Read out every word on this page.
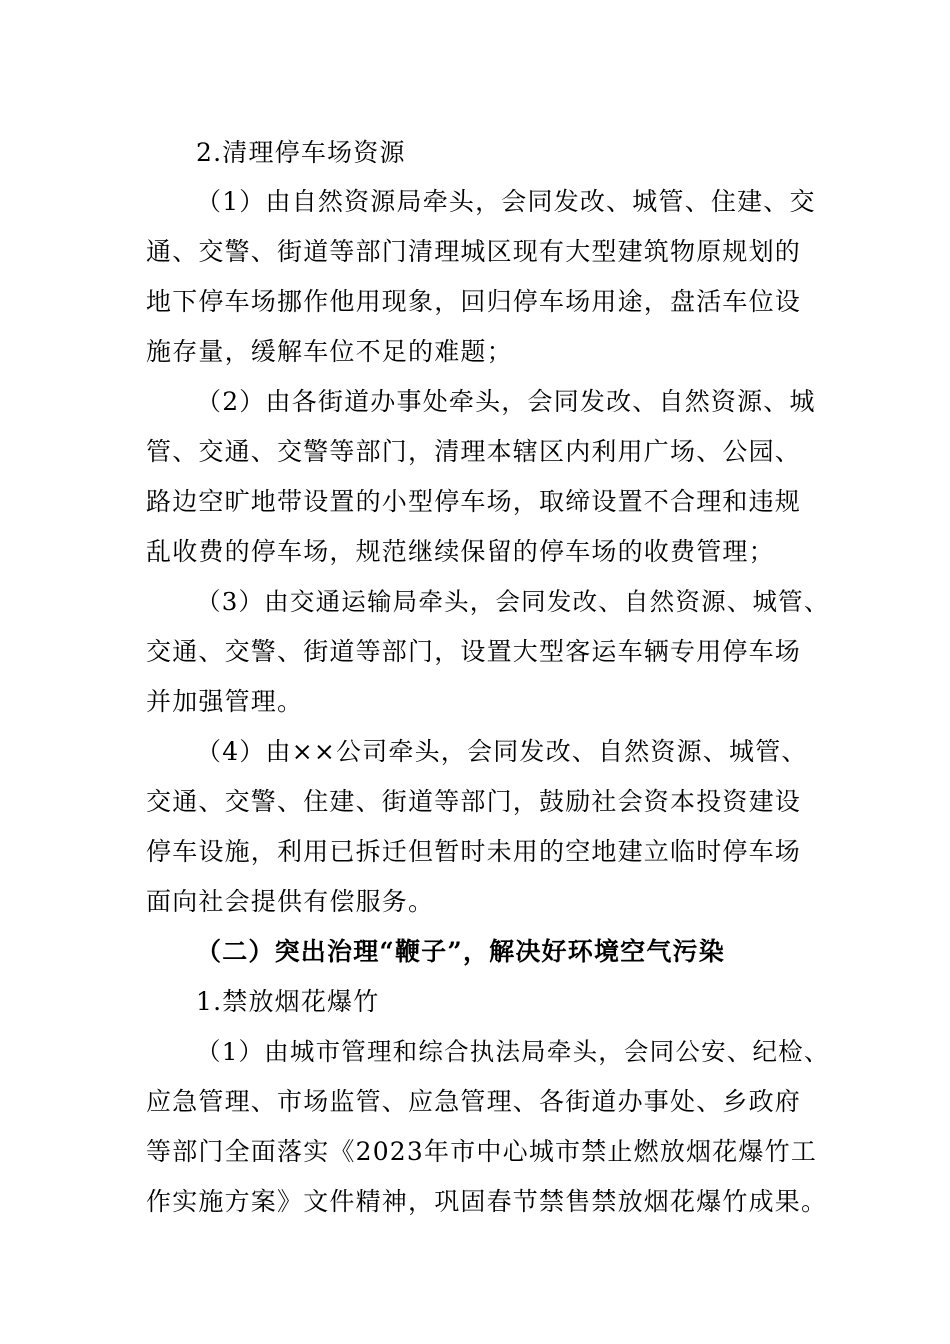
2.清理停车场资源
（1）由自然资源局牵头，会同发改、城管、住建、交
通、交警、街道等部门清理城区现有大型建筑物原规划的
地下停车场挪作他用现象，回归停车场用途，盘活车位设
施存量，缓解车位不足的难题；
（2）由各街道办事处牵头，会同发改、自然资源、城
管、交通、交警等部门，清理本辖区内利用广场、公园、
路边空旷地带设置的小型停车场，取缔设置不合理和违规
乱收费的停车场，规范继续保留的停车场的收费管理；
（3）由交通运输局牵头，会同发改、自然资源、城管、
交通、交警、街道等部门，设置大型客运车辆专用停车场
并加强管理。
（4）由××公司牵头，会同发改、自然资源、城管、
交通、交警、住建、街道等部门，鼓励社会资本投资建设
停车设施，利用已拆迁但暂时未用的空地建立临时停车场
面向社会提供有偿服务。
（二）突出治理“鞭子”，解决好环境空气污染
1.禁放烟花爆竹
（1）由城市管理和综合执法局牵头，会同公安、纪检、
应急管理、市场监管、应急管理、各街道办事处、乡政府
等部门全面落实《2023年市中心城市禁止燃放烟花爆竹工
作实施方案》文件精神，巩固春节禁售禁放烟花爆竹成果。
